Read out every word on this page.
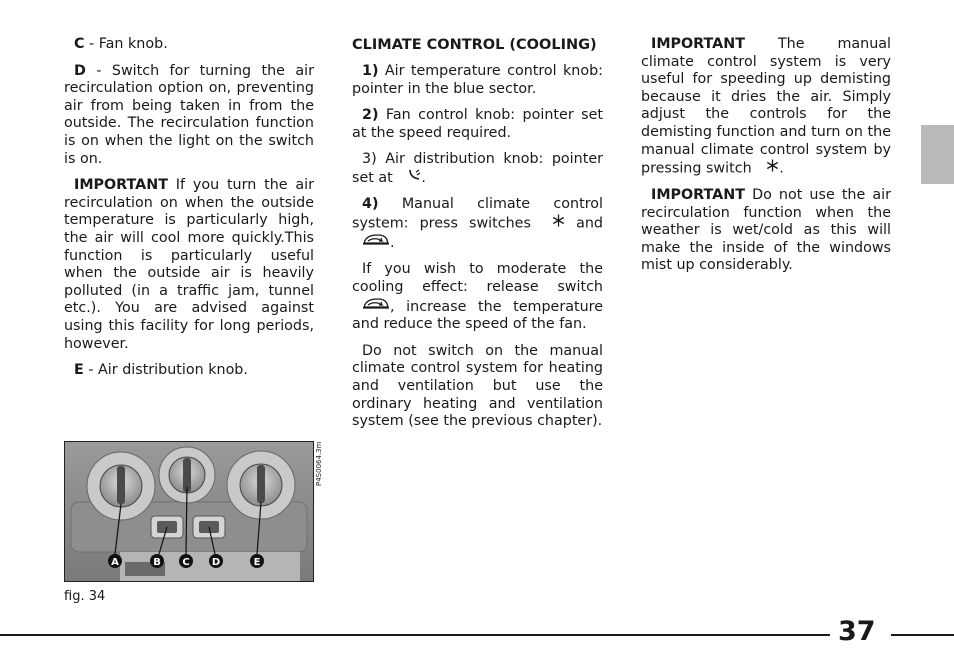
C - Fan knob.

D - Switch for turning the air recirculation option on, preventing air from being taken in from the outside. The recirculation function is on when the light on the switch is on.

IMPORTANT If you turn the air recirculation on when the outside temperature is particularly high, the air will cool more quickly.This function is particularly useful when the outside air is heavily polluted (in a traffic jam, tunnel etc.). You are advised against using this facility for long periods, however.

E - Air distribution knob.

CLIMATE CONTROL (COOLING)

1) Air temperature control knob: pointer in the blue sector.

2) Fan control knob: pointer set at the speed required.

3) Air distribution knob: pointer set at .

4) Manual climate control system: press switches	and .

If you wish to moderate the cooling effect: release switch , increase the temperature and reduce the speed of the fan.

Do not switch on the manual climate control system for heating and ventilation but use the ordinary heating and ventilation system (see the previous chapter).

IMPORTANT The manual climate control system is very useful for speeding up demisting because it dries the air. Simply adjust the controls for the demisting function and turn on the manual climate control system by pressing switch .

IMPORTANT Do not use the air recirculation function when the weather is wet/cold as this will make the inside of the windows mist up considerably.

A	B C D	E
P4S0064.3m
fig. 34
37
